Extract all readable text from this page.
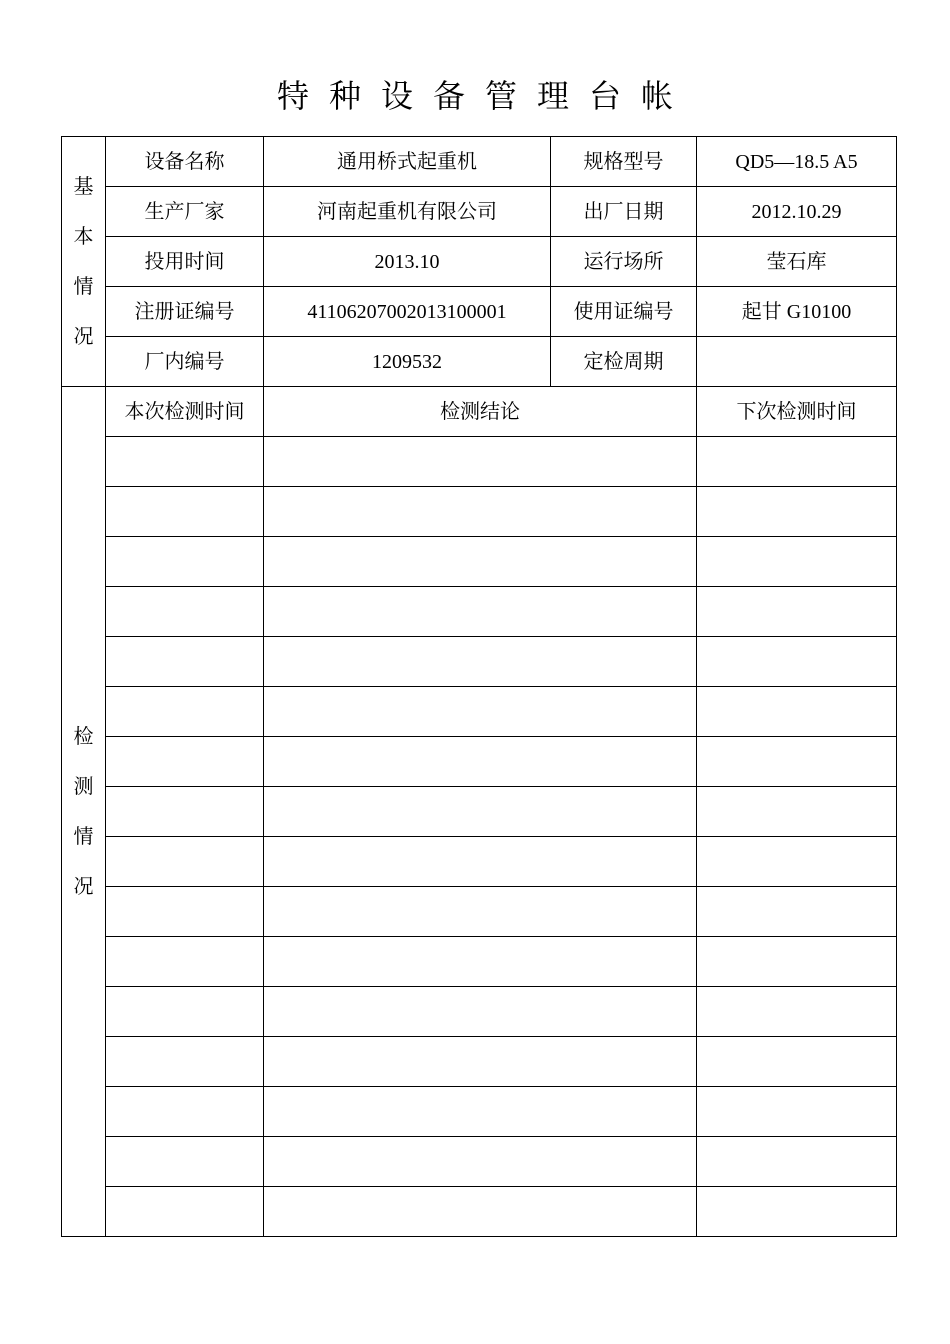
特种设备管理台帐
基本情况	设备名称	通用桥式起重机	规格型号	QD5—18.5 A5
	生产厂家	河南起重机有限公司	出厂日期	2012.10.29
	投用时间	2013.10	运行场所	莹石库
	注册证编号	41106207002013100001	使用证编号	起甘 G10100
	厂内编号	1209532	定检周期	
检测情况	本次检测时间	检测结论		下次检测时间
